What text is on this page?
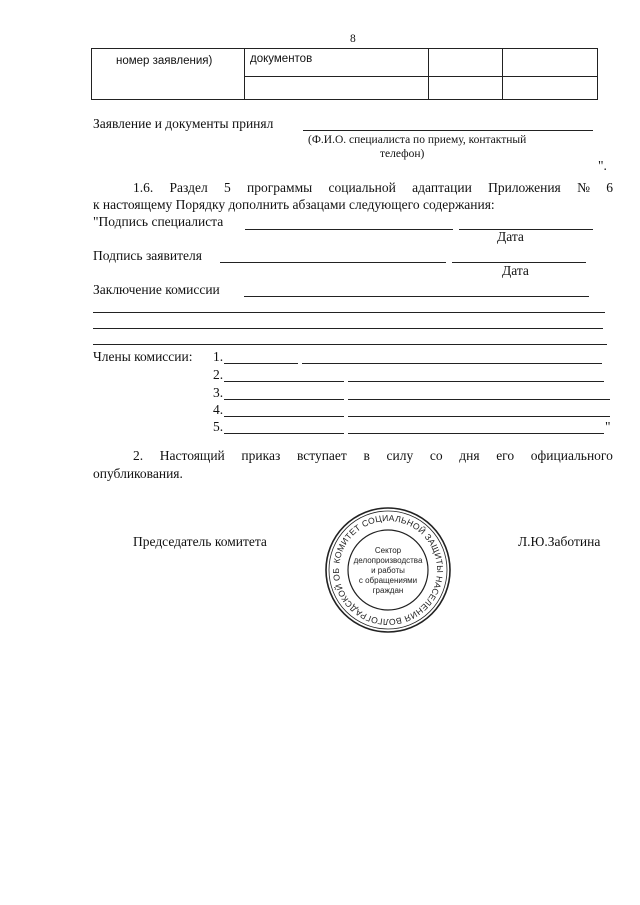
8
номер заявления)	документов
Заявление и документы принял
(Ф.И.О. специалиста по приему, контактный
телефон)
".
1.6. Раздел 5 программы социальной адаптации Приложения № 6
к настоящему Порядку дополнить абзацами следующего содержания:
"Подпись специалиста
Дата
Подпись заявителя
Дата
Заключение комиссии
Члены комиссии: 1.
2.
3.
4.
5.	"
2. Настоящий приказ вступает в силу со дня его официального
опубликования.
Председатель комитета	Л.Ю.Заботина
КОМИТЕТ СОЦИАЛЬНОЙ ЗАЩИТЫ НАСЕЛЕНИЯ ВОЛГОГРАДСКОЙ ОБ
Сектор
делопроизводства
и работы
с обращениями
граждан
